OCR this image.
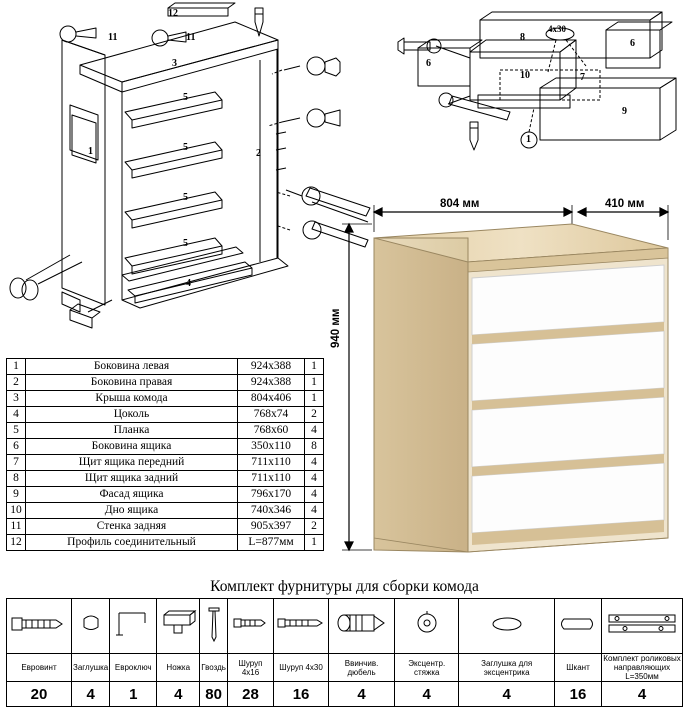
12
11	11
3
5
5
5
5
1	2
4
8
4х30
6
6
10	7
1
9
804 мм	410 мм
940 мм
1	Боковина левая	924х388	1
2	Боковина правая	924х388	1
3	Крыша комода	804х406	1
4	Цоколь	768х74	2
5	Планка	768х60	4
6	Боковина ящика	350х110	8
7	Щит ящика передний	711х110	4
8	Щит ящика задний	711х110	4
9	Фасад ящика	796х170	4
10	Дно ящика	740х346	4
11	Стенка задняя	905х397	2
12	Профиль соединительный	L=877мм	1
Комплект фурнитуры для сборки комода

Евровинт	Заглушка	Евроключ	Ножка	Гвоздь	Шуруп 4х16	Шуруп 4х30	Ввинчив. дюбель	Эксцентр. стяжка	Заглушка для эксцентрика	Шкант	Комплект роликовых направляющих L=350мм
20	4	1	4	80	28	16	4	4	4	16	4
